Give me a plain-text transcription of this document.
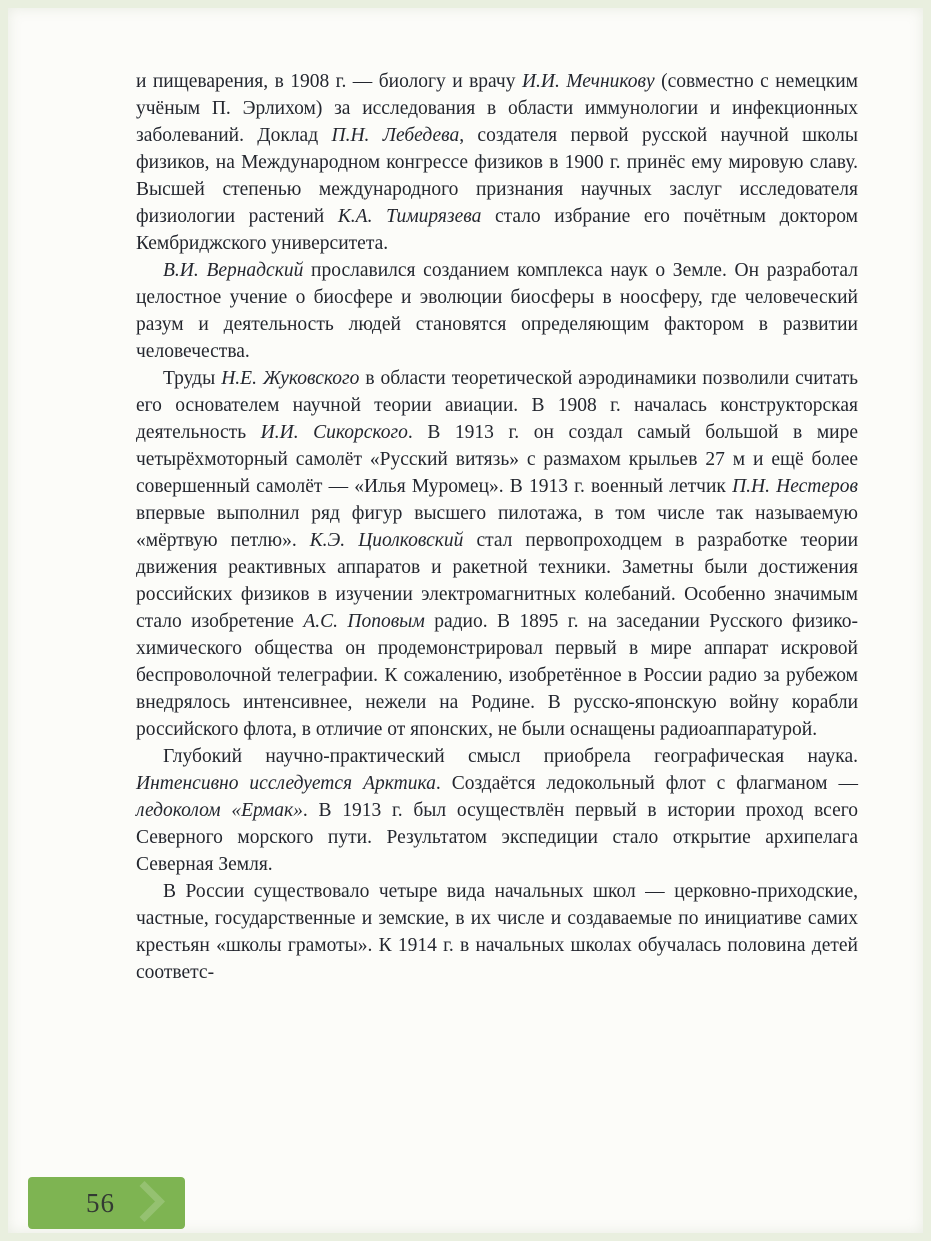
и пищеварения, в 1908 г. — биологу и врачу И.И. Мечникову (совместно с немецким учёным П. Эрлихом) за исследования в области иммунологии и инфекционных заболеваний. Доклад П.Н. Лебедева, создателя первой русской научной школы физиков, на Международном конгрессе физиков в 1900 г. принёс ему мировую славу. Высшей степенью международного признания научных заслуг исследователя физиологии растений К.А. Тимирязева стало избрание его почётным доктором Кембриджского университета.

В.И. Вернадский прославился созданием комплекса наук о Земле. Он разработал целостное учение о биосфере и эволюции биосферы в ноосферу, где человеческий разум и деятельность людей становятся определяющим фактором в развитии человечества.

Труды Н.Е. Жуковского в области теоретической аэродинамики позволили считать его основателем научной теории авиации. В 1908 г. началась конструкторская деятельность И.И. Сикорского. В 1913 г. он создал самый большой в мире четырёхмоторный самолёт «Русский витязь» с размахом крыльев 27 м и ещё более совершенный самолёт — «Илья Муромец». В 1913 г. военный летчик П.Н. Нестеров впервые выполнил ряд фигур высшего пилотажа, в том числе так называемую «мёртвую петлю». К.Э. Циолковский стал первопроходцем в разработке теории движения реактивных аппаратов и ракетной техники. Заметны были достижения российских физиков в изучении электромагнитных колебаний. Особенно значимым стало изобретение А.С. Поповым радио. В 1895 г. на заседании Русского физико-химического общества он продемонстрировал первый в мире аппарат искровой беспроволочной телеграфии. К сожалению, изобретённое в России радио за рубежом внедрялось интенсивнее, нежели на Родине. В русско-японскую войну корабли российского флота, в отличие от японских, не были оснащены радиоаппаратурой.

Глубокий научно-практический смысл приобрела географическая наука. Интенсивно исследуется Арктика. Создаётся ледокольный флот с флагманом — ледоколом «Ермак». В 1913 г. был осуществлён первый в истории проход всего Северного морского пути. Результатом экспедиции стало открытие архипелага Северная Земля.

В России существовало четыре вида начальных школ — церковно-приходские, частные, государственные и земские, в их числе и создаваемые по инициативе самих крестьян «школы грамоты». К 1914 г. в начальных школах обучалась половина детей соответс-

56
